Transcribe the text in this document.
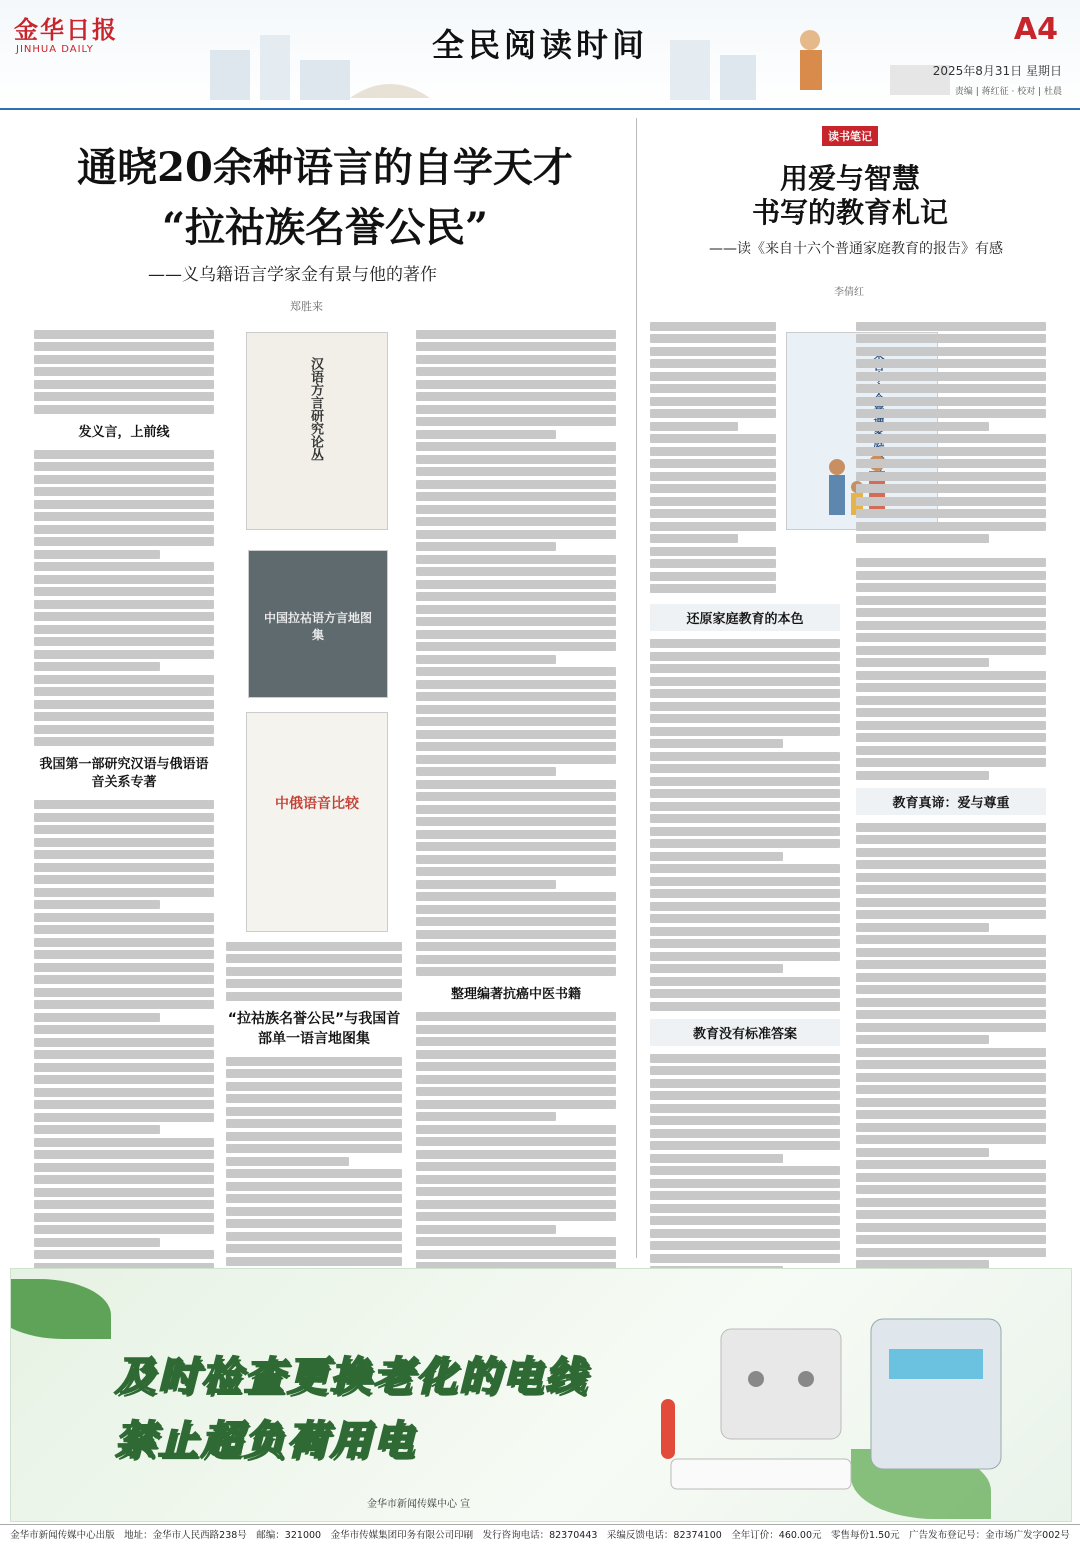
金华日报
JINHUA DAILY	全民阅读时间	A4
2025年8月31日 星期日
责编 | 蒋红征 · 校对 | 杜晨
通晓20余种语言的自学天才
“拉祜族名誉公民”
——义乌籍语言学家金有景与他的著作
郑胜来
发义言，上前线
我国第一部研究汉语与俄语语音关系专著
汉语方言研究论丛
中国拉祜语方言地图集
中俄语音比较
“拉祜族名誉公民”与我国首部单一语言地图集
整理编著抗癌中医书籍
读书笔记
用爱与智慧
书写的教育札记
——读《来自十六个普通家庭教育的报告》有感
李倩红
还原家庭教育的本色
教育没有标准答案
教育真谛：爱与尊重
及时检查更换老化的电线
禁止超负荷用电
金华市新闻传媒中心 宣
金华市新闻传媒中心出版　地址：金华市人民西路238号　邮编：321000　金华市传媒集团印务有限公司印刷　发行咨询电话：82370443　采编反馈电话：82374100　全年订价：460.00元　零售每份1.50元　广告发布登记号：金市场广发字002号
